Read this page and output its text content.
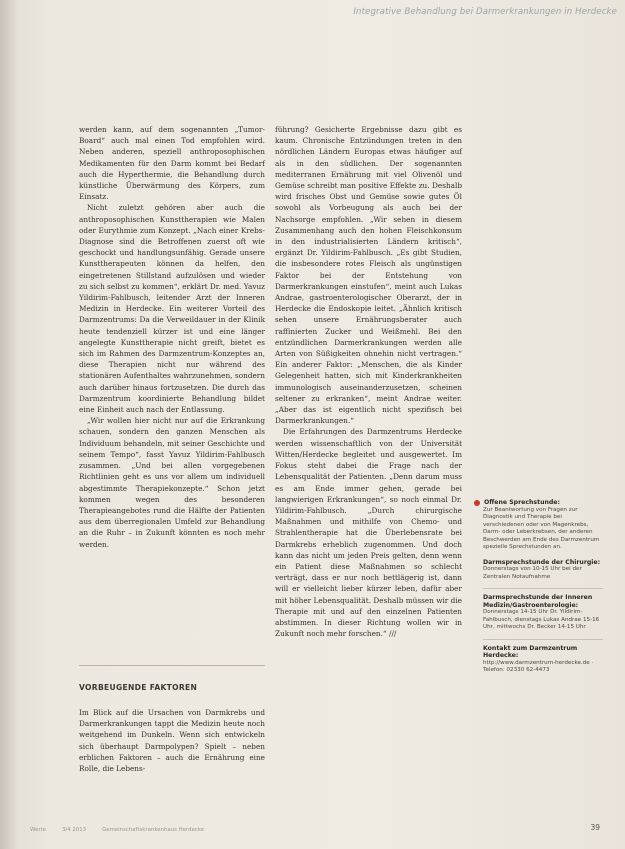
Integrative Behandlung bei Darmerkrankungen in Herdecke

werden kann, auf dem sogenannten „Tumor-Board“ auch mal einen Tod empfohlen wird. Neben anderen, speziell anthroposophischen Medikamenten für den Darm kommt bei Bedarf auch die Hyperthermie, die Behandlung durch künstliche Überwärmung des Körpers, zum Einsatz.

Nicht zuletzt gehören aber auch die anthroposophischen Kunsttherapien wie Malen oder Eurythmie zum Konzept. „Nach einer Krebs-Diagnose sind die Betroffenen zuerst oft wie geschockt und handlungsunfähig. Gerade unsere Kunsttherapeuten können da helfen, den eingetretenen Stillstand aufzulösen und wieder zu sich selbst zu kommen“, erklärt Dr. med. Yavuz Yildirim-Fahlbusch, leitender Arzt der Inneren Medizin in Herdecke. Ein weiterer Vorteil des Darmzentrums: Da die Verweildauer in der Klinik heute tendenziell kürzer ist und eine länger angelegte Kunsttherapie nicht greift, bietet es sich im Rahmen des Darmzentrum-Konzeptes an, diese Therapien nicht nur während des stationären Aufenthaltes wahrzunehmen, sondern auch darüber hinaus fortzusetzen. Die durch das Darmzentrum koordinierte Behandlung bildet eine Einheit auch nach der Entlassung.

„Wir wollen hier nicht nur auf die Erkrankung schauen, sondern den ganzen Menschen als Individuum behandeln, mit seiner Geschichte und seinem Tempo“, fasst Yavuz Yildirim-Fahlbusch zusammen. „Und bei allen vorgegebenen Richtlinien geht es uns vor allem um individuell abgestimmte Therapiekonzepte.“ Schon jetzt kommen wegen des besonderen Therapieangebotes rund die Hälfte der Patienten aus dem überregionalen Umfeld zur Behandlung an die Ruhr – in Zukunft könnten es noch mehr werden.

VORBEUGENDE FAKTOREN

Im Blick auf die Ursachen von Darmkrebs und Darmerkrankungen tappt die Medizin heute noch weitgehend im Dunkeln. Wenn sich entwickeln sich überhaupt Darmpolypen? Spielt – neben erblichen Faktoren – auch die Ernährung eine Rolle, die Lebens-

führung? Gesicherte Ergebnisse dazu gibt es kaum. Chronische Entzündungen treten in den nördlichen Ländern Europas etwas häufiger auf als in den südlichen. Der sogenannten mediterranen Ernährung mit viel Olivenöl und Gemüse schreibt man positive Effekte zu. Deshalb wird frisches Obst und Gemüse sowie gutes Öl sowohl als Vorbeugung als auch bei der Nachsorge empfohlen. „Wir sehen in diesem Zusammenhang auch den hohen Fleischkonsum in den industrialisierten Ländern kritisch“, ergänzt Dr. Yildirim-Fahlbusch. „Es gibt Studien, die insbesondere rotes Fleisch als ungünstigen Faktor bei der Entstehung von Darmerkrankungen einstufen“, meint auch Lukas Andrae, gastroenterologischer Oberarzt, der in Herdecke die Endoskopie leitet. „Ähnlich kritisch sehen unsere Ernährungsberater auch raffinierten Zucker und Weißmehl. Bei den entzündlichen Darmerkrankungen werden alle Arten von Süßigkeiten ohnehin nicht vertragen.“ Ein anderer Faktor: „Menschen, die als Kinder Gelegenheit hatten, sich mit Kinderkrankheiten immunologisch auseinanderzusetzen, scheinen seltener zu erkranken“, meint Andrae weiter. „Aber das ist eigentlich nicht spezifisch bei Darmerkrankungen.“

Die Erfahrungen des Darmzentrums Herdecke werden wissenschaftlich von der Universität Witten/Herdecke begleitet und ausgewertet. Im Fokus steht dabei die Frage nach der Lebensqualität der Patienten. „Denn darum muss es am Ende immer gehen, gerade bei langwierigen Erkrankungen“, so noch einmal Dr. Yildirim-Fahlbusch. „Durch chirurgische Maßnahmen und mithilfe von Chemo- und Strahlentherapie hat die Überlebensrate bei Darmkrebs erheblich zugenommen. Und doch kann das nicht um jeden Preis gelten, denn wenn ein Patient diese Maßnahmen so schlecht verträgt, dass er nur noch bettlägerig ist, dann will er vielleicht lieber kürzer leben, dafür aber mit höher Lebensqualität. Deshalb müssen wir die Therapie mit und auf den einzelnen Patienten abstimmen. In dieser Richtung wollen wir in Zukunft noch mehr forschen.“ ///

Offene Sprechstunde:

Zur Beantwortung von Fragen zur Diagnostik und Therapie bei verschiedenen oder von Magenkrebs, Darm- oder Leberkrebsen, der anderen Beschwerden am Ende des Darmzentrum spezielle Sprechstunden an.

Darmsprechstunde der Chirurgie:

Donnerstags von 10-15 Uhr bei der Zentralen Notaufnahme

Darmsprechstunde der Inneren Medizin/Gastroenterologie:

Donnerstags 14-15 Uhr Dr. Yildirim-Fahlbusch, dienstags Lukas Andrae 15-16 Uhr, mittwochs Dr. Becker 14-15 Uhr

Kontakt zum Darmzentrum Herdecke:

http://www.darmzentrum-herdecke.de · Telefon: 02330 62-4473

Werte	3/4 2013	Gemeinschaftskrankenhaus Herdecke	39
